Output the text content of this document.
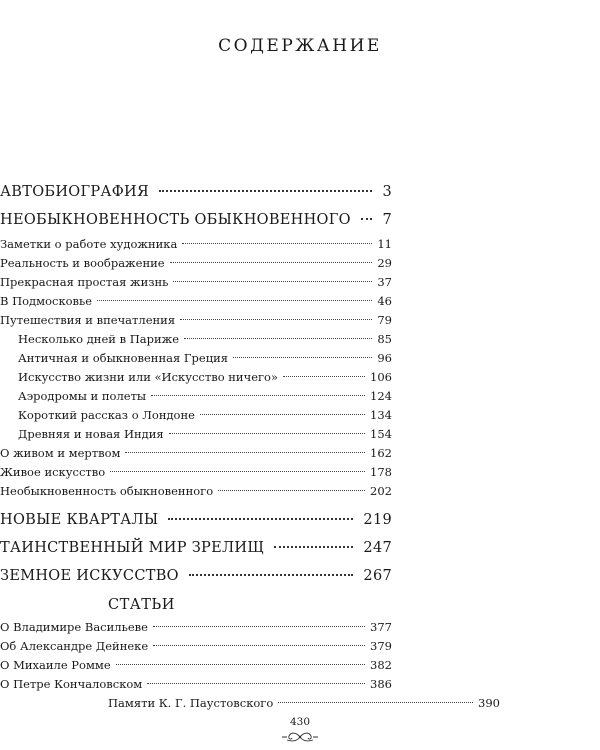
СОДЕРЖАНИЕ
АВТОБИОГРАФИЯ	3
НЕОБЫКНОВЕННОСТЬ ОБЫКНОВЕННОГО 7
Заметки о работе художника	11
Реальность и воображение	29
Прекрасная простая жизнь	37
В Подмосковье	46
Путешествия и впечатления	79
Несколько дней в Париже	85
Античная и обыкновенная Греция	96
Искусство жизни или «Искусство ничего»	106
Аэродромы и полеты	124
Короткий рассказ о Лондоне	134
Древняя и новая Индия	154
О живом и мертвом	162
Живое искусство	178
Необыкновенность обыкновенного	202
НОВЫЕ КВАРТАЛЫ	219
ТАИНСТВЕННЫЙ МИР ЗРЕЛИЩ	247
ЗЕМНОЕ ИСКУССТВО	267
СТАТЬИ
О Владимире Васильеве	377
Об Александре Дейнеке	379
О Михаиле Ромме	382
О Петре Кончаловском	386
Памяти К. Г. Паустовского	390
430
